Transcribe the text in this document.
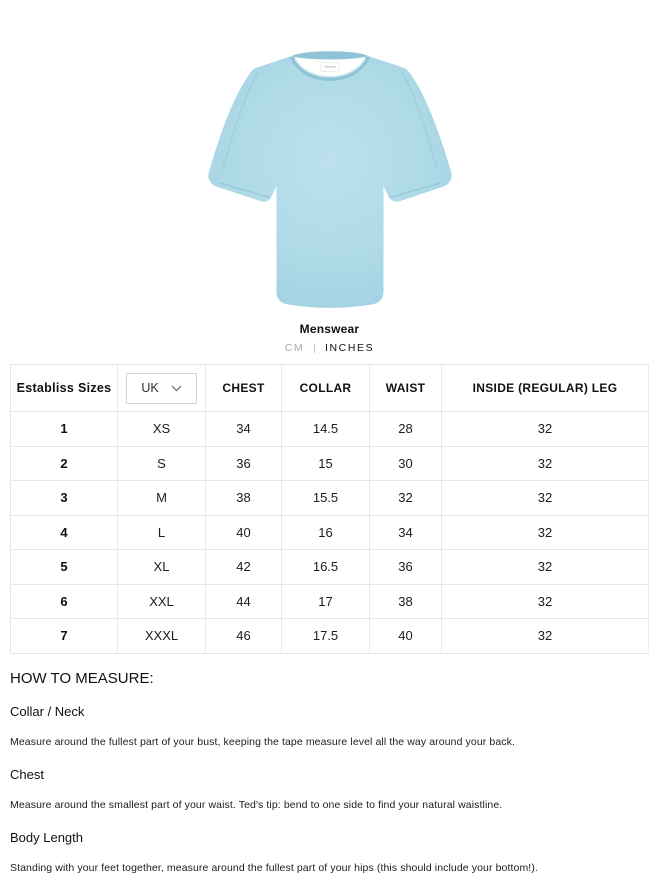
Menswear
CM | INCHES
Establiss Sizes	UK	CHEST	COLLAR	WAIST	INSIDE (REGULAR) LEG
1	XS	34	14.5	28	32
2	S	36	15	30	32
3	M	38	15.5	32	32
4	L	40	16	34	32
5	XL	42	16.5	36	32
6	XXL	44	17	38	32
7	XXXL	46	17.5	40	32
HOW TO MEASURE:
Collar / Neck
Measure around the fullest part of your bust, keeping the tape measure level all the way around your back.
Chest
Measure around the smallest part of your waist. Ted's tip: bend to one side to find your natural waistline.
Body Length
Standing with your feet together, measure around the fullest part of your hips (this should include your bottom!).
